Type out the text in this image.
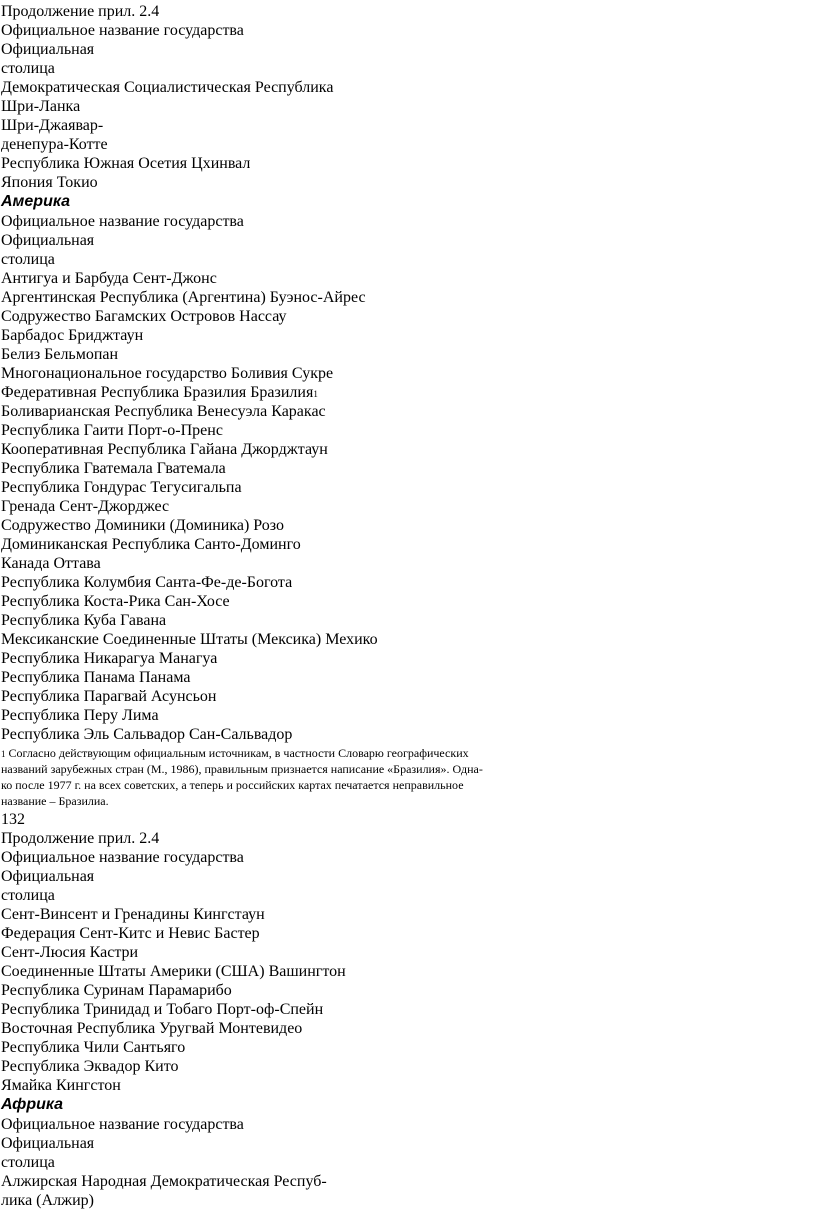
Продолжение прил. 2.4
Официальное название государства
Официальная
столица
Демократическая Социалистическая Республика
Шри-Ланка
Шри-Джаявар-
денепура-Котте
Республика Южная Осетия Цхинвал
Япония Токио
Америка
Официальное название государства
Официальная
столица
Антигуа и Барбуда Сент-Джонс
Аргентинская Республика (Аргентина) Буэнос-Айрес
Содружество Багамских Островов Нассау
Барбадос Бриджтаун
Белиз Бельмопан
Многонациональное государство Боливия Сукре
Федеративная Республика Бразилия Бразилия1
Боливарианская Республика Венесуэла Каракас
Республика Гаити Порт-о-Пренс
Кооперативная Республика Гайана Джорджтаун
Республика Гватемала Гватемала
Республика Гондурас Тегусигальпа
Гренада Сент-Джорджес
Содружество Доминики (Доминика) Розо
Доминиканская Республика Санто-Доминго
Канада Оттава
Республика Колумбия Санта-Фе-де-Богота
Республика Коста-Рика Сан-Хосе
Республика Куба Гавана
Мексиканские Соединенные Штаты (Мексика) Мехико
Республика Никарагуа Манагуа
Республика Панама Панама
Республика Парагвай Асунсьон
Республика Перу Лима
Республика Эль Сальвадор Сан-Сальвадор
1 Согласно действующим официальным источникам, в частности Словарю географических
названий зарубежных стран (М., 1986), правильным признается написание «Бразилия». Одна-
ко после 1977 г. на всех советских, а теперь и российских картах печатается неправильное
название – Бразилиа.
132
Продолжение прил. 2.4
Официальное название государства
Официальная
столица
Сент-Винсент и Гренадины Кингстаун
Федерация Сент-Китс и Невис Бастер
Сент-Люсия Кастри
Соединенные Штаты Америки (США) Вашингтон
Республика Суринам Парамарибо
Республика Тринидад и Тобаго Порт-оф-Спейн
Восточная Республика Уругвай Монтевидео
Республика Чили Сантьяго
Республика Эквадор Кито
Ямайка Кингстон
Африка
Официальное название государства
Официальная
столица
Алжирская Народная Демократическая Респуб-
лика (Алжир)
